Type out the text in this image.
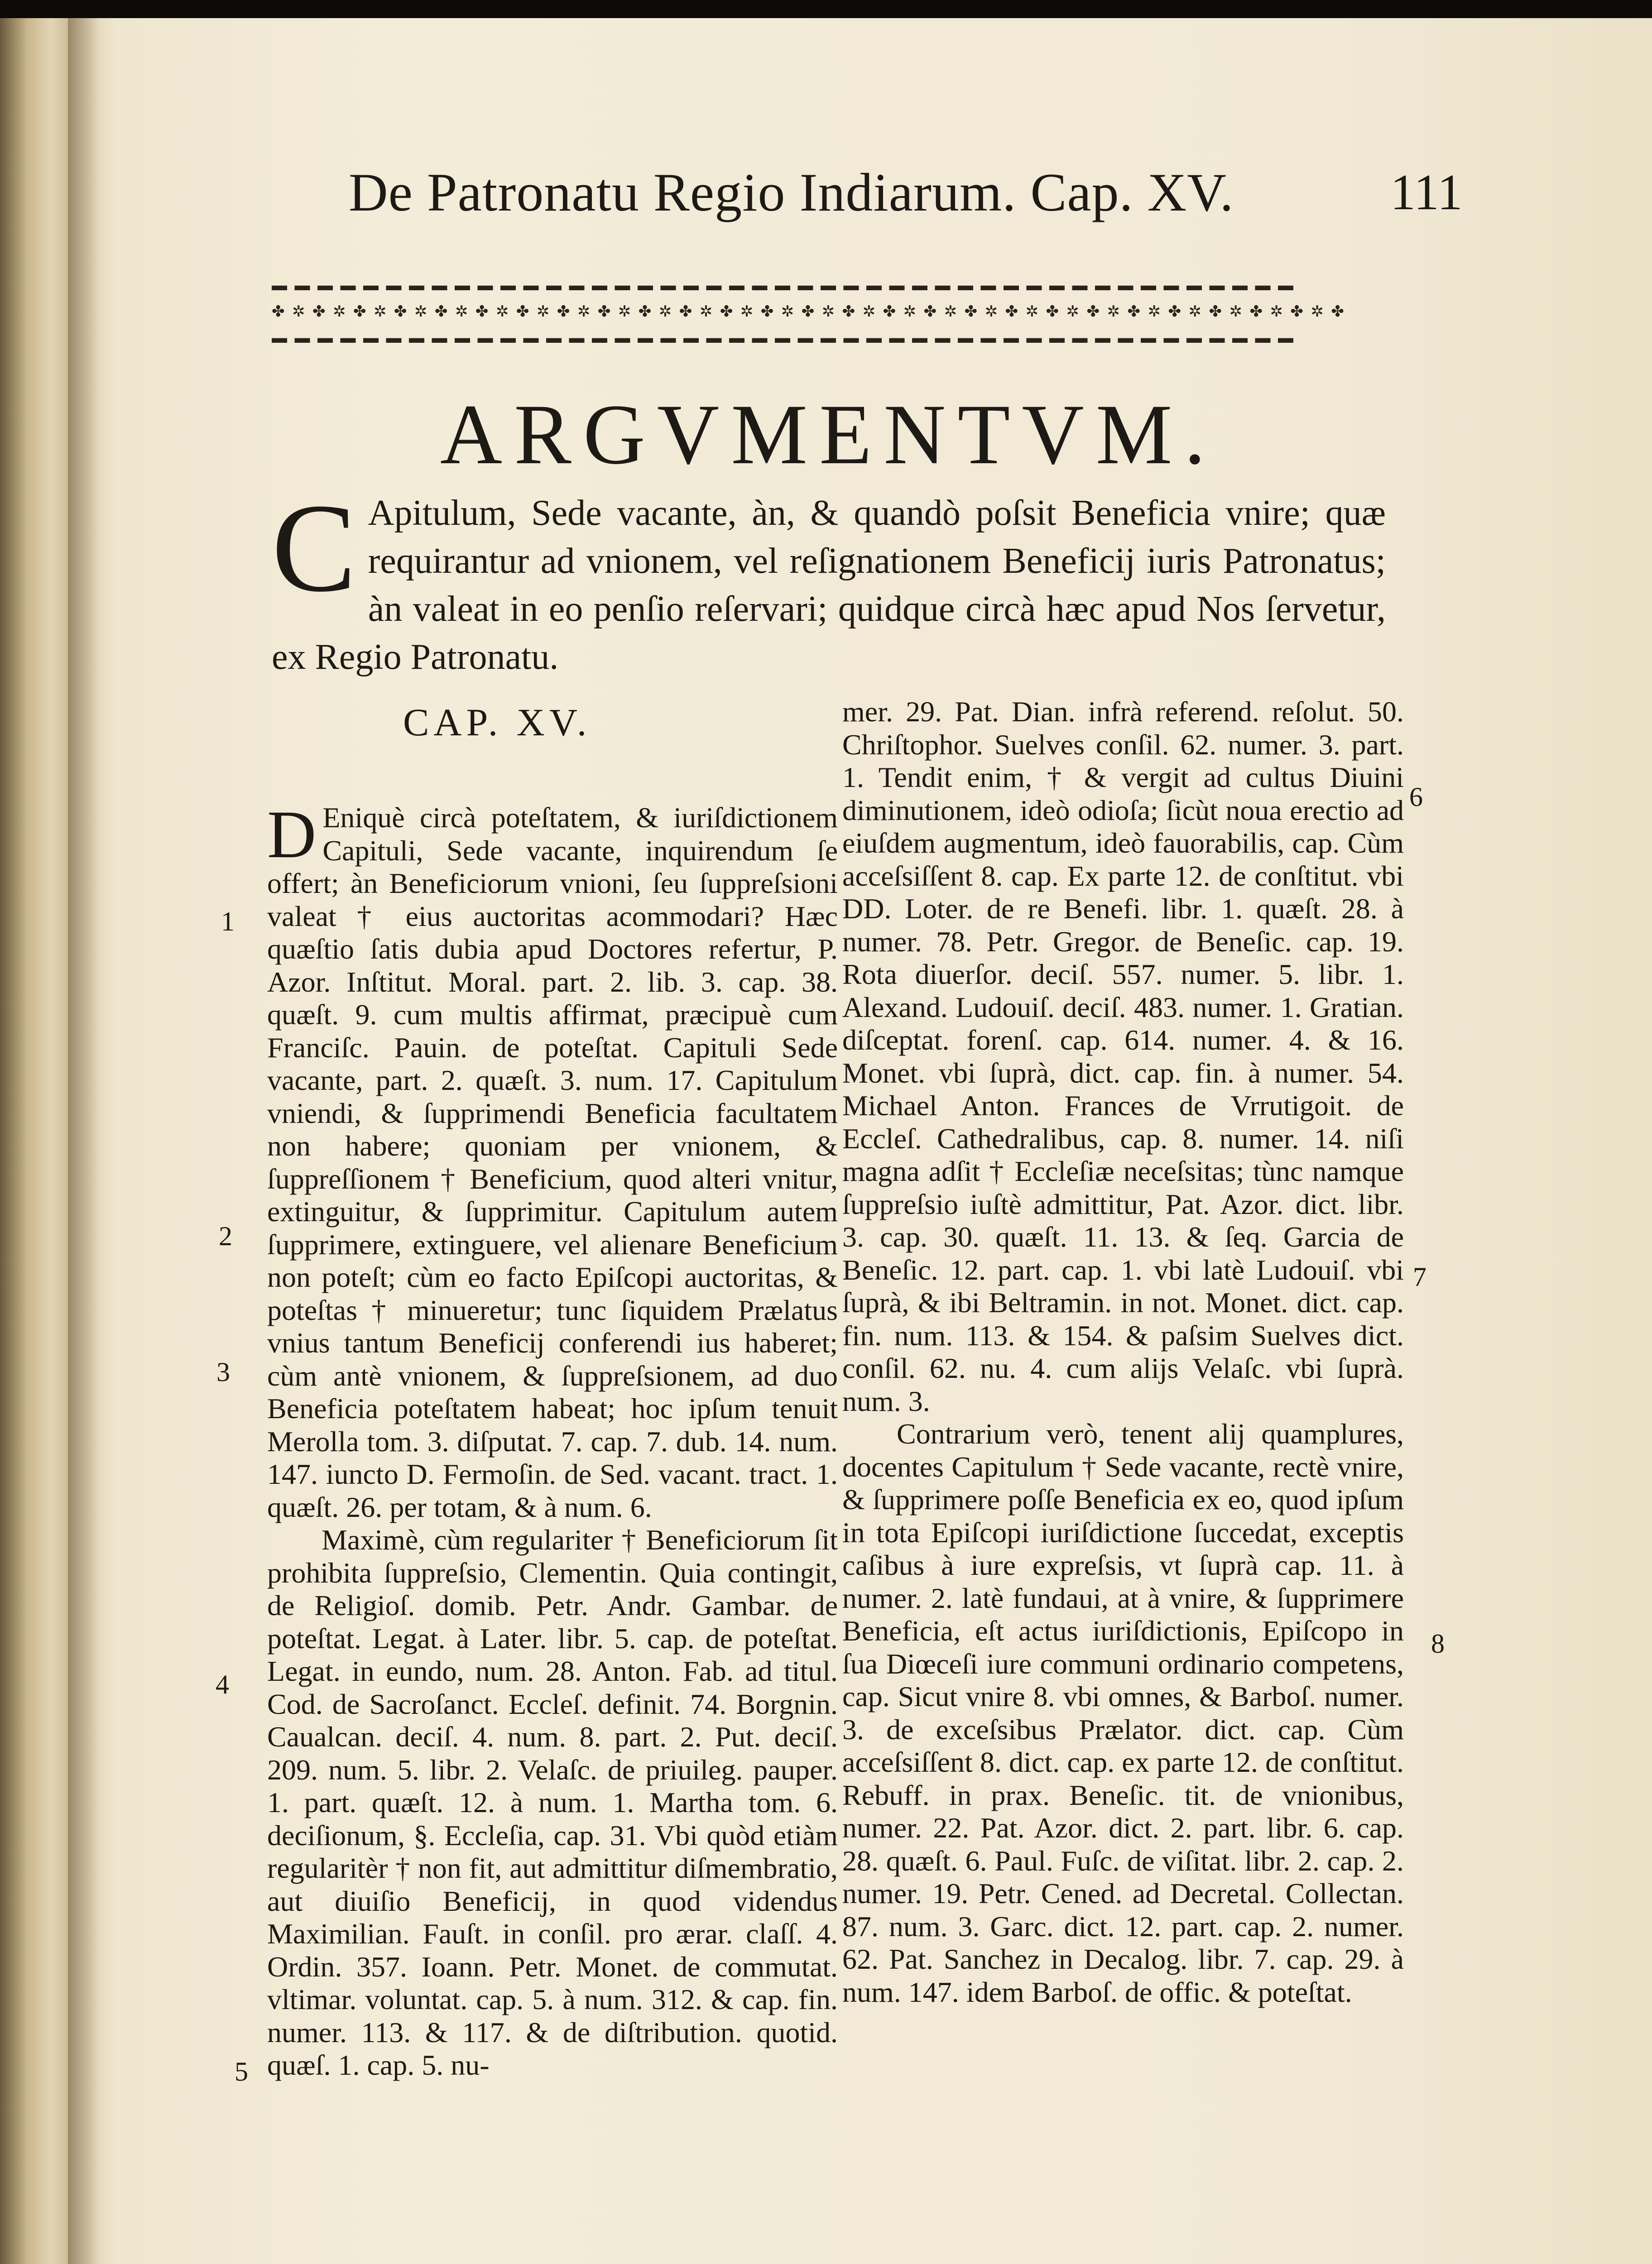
De Patronatu Regio Indiarum. Cap. XV.	111
▬ ▬ ▬ ▬ ▬ ▬ ▬ ▬ ▬ ▬ ▬ ▬ ▬ ▬ ▬ ▬ ▬ ▬ ▬ ▬ ▬ ▬ ▬ ▬ ▬ ▬ ▬ ▬ ▬ ▬ ▬ ▬ ▬ ▬ ▬ ▬ ▬ ▬ ▬ ▬ ▬ ▬ ▬ ▬ ▬
✤ ✲ ✤ ✲ ✤ ✲ ✤ ✲ ✤ ✲ ✤ ✲ ✤ ✲ ✤ ✲ ✤ ✲ ✤ ✲ ✤ ✲ ✤ ✲ ✤ ✲ ✤ ✲ ✤ ✲ ✤ ✲ ✤ ✲ ✤ ✲ ✤ ✲ ✤ ✲ ✤ ✲ ✤ ✲ ✤ ✲ ✤ ✲ ✤ ✲ ✤ ✲ ✤
▬ ▬ ▬ ▬ ▬ ▬ ▬ ▬ ▬ ▬ ▬ ▬ ▬ ▬ ▬ ▬ ▬ ▬ ▬ ▬ ▬ ▬ ▬ ▬ ▬ ▬ ▬ ▬ ▬ ▬ ▬ ▬ ▬ ▬ ▬ ▬ ▬ ▬ ▬ ▬ ▬ ▬ ▬ ▬ ▬
ARGVMENTVM.
C Apitulum, Sede vacante, àn, & quandò poſsit Beneficia vnire; quæ requirantur ad vnionem, vel reſignationem Beneficij iuris Patronatus; àn valeat in eo penſio reſervari; quidque circà hæc apud Nos ſervetur, ex Regio Patronatu.
CAP. XV.

D Eniquè circà poteſtatem, & iuriſdictionem Capituli, Sede vacante, inquirendum ſe offert; àn Beneficiorum vnioni, ſeu ſuppreſsioni valeat † eius auctoritas acommodari? Hæc quæſtio ſatis dubia apud Doctores refertur, P. Azor. Inſtitut. Moral. part. 2. lib. 3. cap. 38. quæſt. 9. cum multis affirmat, præcipuè cum Franciſc. Pauin. de poteſtat. Capituli Sede vacante, part. 2. quæſt. 3. num. 17. Capitulum vniendi, & ſupprimendi Beneficia facultatem non habere; quoniam per vnionem, & ſuppreſſionem † Beneficium, quod alteri vnitur, extinguitur, & ſupprimitur. Capitulum autem ſupprimere, extinguere, vel alienare Beneficium non poteſt; cùm eo facto Epiſcopi auctoritas, & poteſtas † minueretur; tunc ſiquidem Prælatus vnius tantum Beneficij conferendi ius haberet; cùm antè vnionem, & ſuppreſsionem, ad duo Beneficia poteſtatem habeat; hoc ipſum tenuit Merolla tom. 3. diſputat. 7. cap. 7. dub. 14. num. 147. iuncto D. Fermoſin. de Sed. vacant. tract. 1. quæſt. 26. per totam, & à num. 6.

Maximè, cùm regulariter † Beneficiorum ſit prohibita ſuppreſsio, Clementin. Quia contingit, de Religioſ. domib. Petr. Andr. Gambar. de poteſtat. Legat. à Later. libr. 5. cap. de poteſtat. Legat. in eundo, num. 28. Anton. Fab. ad titul. Cod. de Sacroſanct. Eccleſ. definit. 74. Borgnin. Caualcan. deciſ. 4. num. 8. part. 2. Put. deciſ. 209. num. 5. libr. 2. Velaſc. de priuileg. pauper. 1. part. quæſt. 12. à num. 1. Martha tom. 6. deciſionum, §. Eccleſia, cap. 31. Vbi quòd etiàm regularitèr † non fit, aut admittitur diſmembratio, aut diuiſio Beneficij, in quod videndus Maximilian. Fauſt. in conſil. pro ærar. claſſ. 4. Ordin. 357. Ioann. Petr. Monet. de commutat. vltimar. voluntat. cap. 5. à num. 312. & cap. fin. numer. 113. & 117. & de diſtribution. quotid. quæſ. 1. cap. 5. nu-

mer. 29. Pat. Dian. infrà referend. reſolut. 50. Chriſtophor. Suelves conſil. 62. numer. 3. part. 1. Tendit enim, † & vergit ad cultus Diuini diminutionem, ideò odioſa; ſicùt noua erectio ad eiuſdem augmentum, ideò fauorabilis, cap. Cùm acceſsiſſent 8. cap. Ex parte 12. de conſtitut. vbi DD. Loter. de re Benefi. libr. 1. quæſt. 28. à numer. 78. Petr. Gregor. de Beneſic. cap. 19. Rota diuerſor. deciſ. 557. numer. 5. libr. 1. Alexand. Ludouiſ. deciſ. 483. numer. 1. Gratian. diſceptat. forenſ. cap. 614. numer. 4. & 16. Monet. vbi ſuprà, dict. cap. fin. à numer. 54. Michael Anton. Frances de Vrrutigoit. de Eccleſ. Cathedralibus, cap. 8. numer. 14. niſi magna adſit † Eccleſiæ neceſsitas; tùnc namque ſuppreſsio iuſtè admittitur, Pat. Azor. dict. libr. 3. cap. 30. quæſt. 11. 13. & ſeq. Garcia de Beneſic. 12. part. cap. 1. vbi latè Ludouiſ. vbi ſuprà, & ibi Beltramin. in not. Monet. dict. cap. fin. num. 113. & 154. & paſsim Suelves dict. conſil. 62. nu. 4. cum alijs Velaſc. vbi ſuprà. num. 3.

Contrarium verò, tenent alij quamplures, docentes Capitulum † Sede vacante, rectè vnire, & ſupprimere poſſe Beneficia ex eo, quod ipſum in tota Epiſcopi iuriſdictione ſuccedat, exceptis caſibus à iure expreſsis, vt ſuprà cap. 11. à numer. 2. latè fundaui, at à vnire, & ſupprimere Beneficia, eſt actus iuriſdictionis, Epiſcopo in ſua Diœceſi iure communi ordinario competens, cap. Sicut vnire 8. vbi omnes, & Barboſ. numer. 3. de exceſsibus Prælator. dict. cap. Cùm acceſsiſſent 8. dict. cap. ex parte 12. de conſtitut. Rebuff. in prax. Beneſic. tit. de vnionibus, numer. 22. Pat. Azor. dict. 2. part. libr. 6. cap. 28. quæſt. 6. Paul. Fuſc. de viſitat. libr. 2. cap. 2. numer. 19. Petr. Cened. ad Decretal. Collectan. 87. num. 3. Garc. dict. 12. part. cap. 2. numer. 62. Pat. Sanchez in Decalog. libr. 7. cap. 29. à num. 147. idem Barboſ. de offic. & poteſtat.

1
2
3
4
5
6
7
8
